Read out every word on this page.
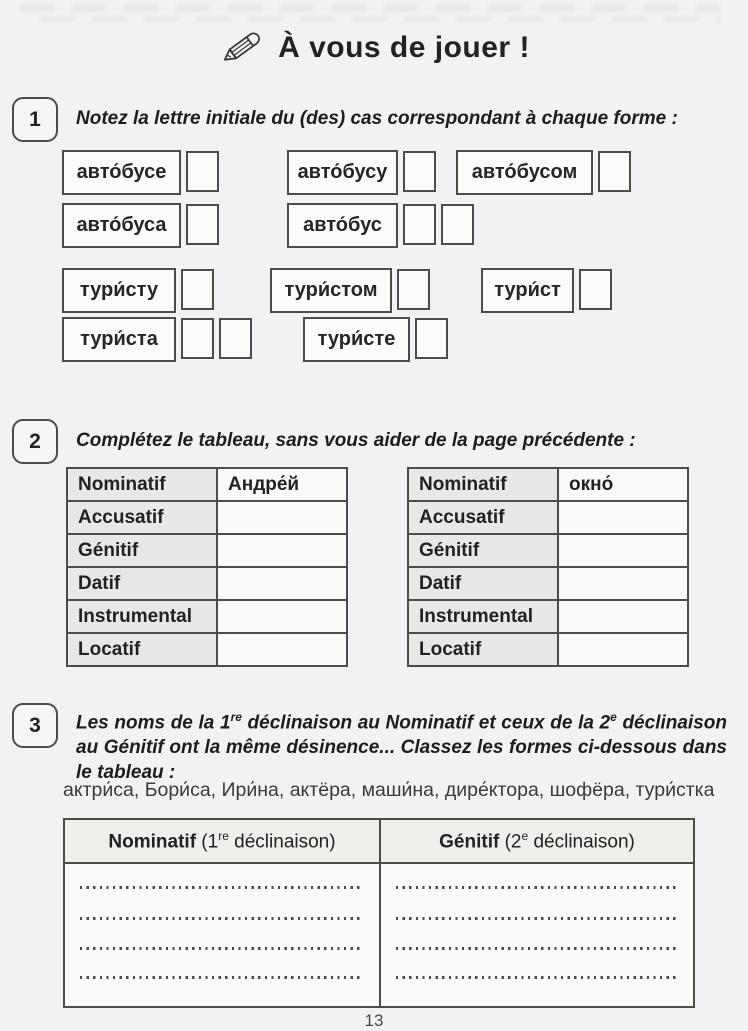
À vous de jouer !
1	Notez la lettre initiale du (des) cas correspondant à chaque forme :
авто́бусе	авто́бусу	авто́бусом
авто́буса	авто́бус
тури́сту	тури́стом	тури́ст
тури́ста	тури́сте
2	Complétez le tableau, sans vous aider de la page précédente :
Nominatif	Андре́й
Accusatif	
Génitif	
Datif	
Instrumental	
Locatif	
Nominatif	окно́
Accusatif	
Génitif	
Datif	
Instrumental	
Locatif	
3	Les noms de la 1re déclinaison au Nominatif et ceux de la 2e déclinaison au Génitif ont la même désinence... Classez les formes ci-dessous dans le tableau :
актри́са, Бори́са, Ири́на, актёра, маши́на, дире́ктора, шофёра, тури́стка
Nominatif (1re déclinaison)	Génitif (2e déclinaison)
13
